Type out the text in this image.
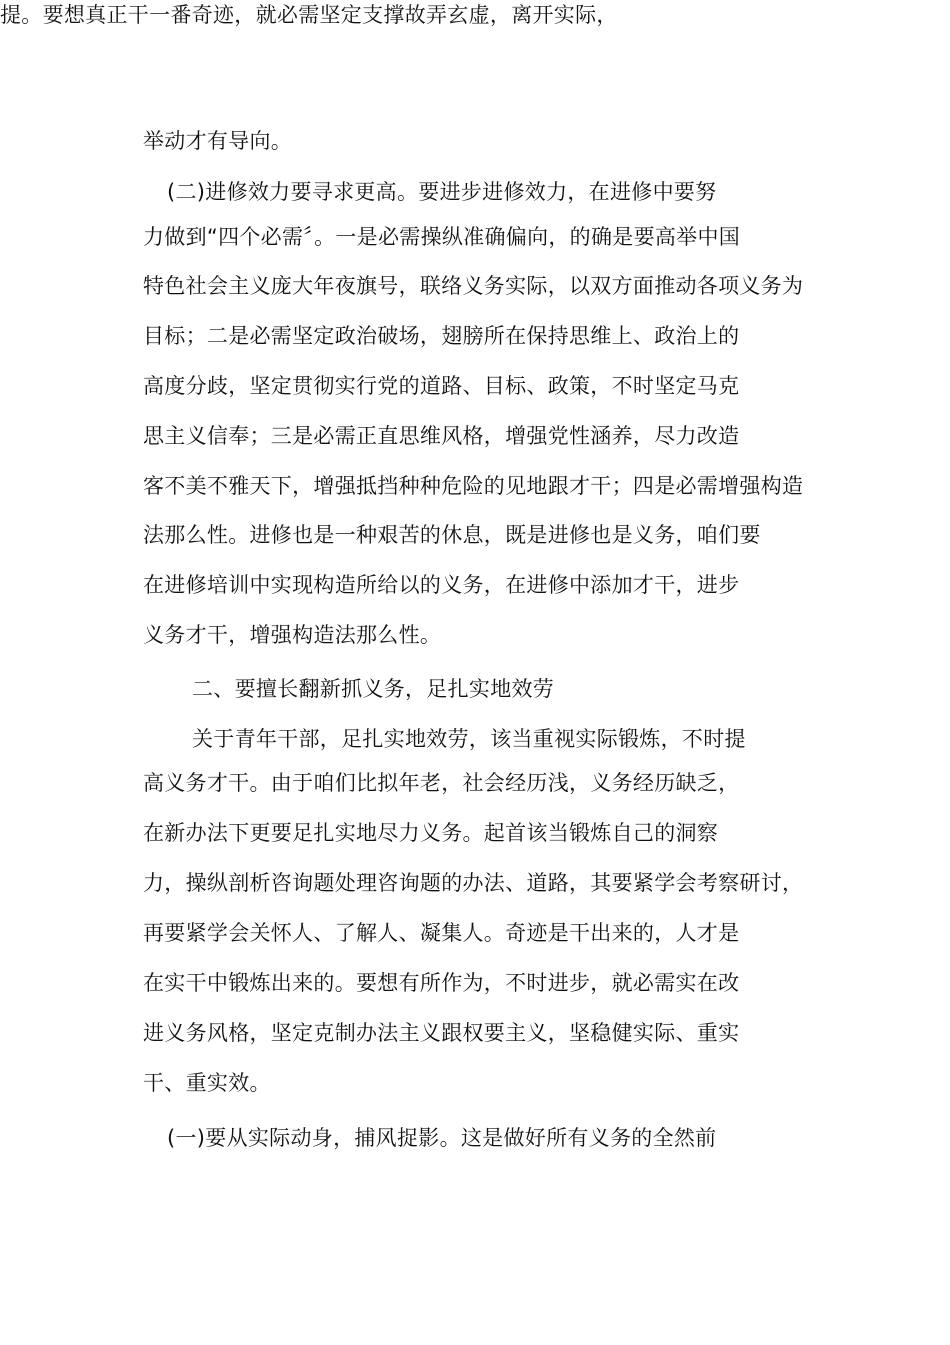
提。要想真正干一番奇迹，就必需坚定支撑故弄玄虚，离开实际，
举动才有导向。
(二)进修效力要寻求更高。要进步进修效力，在进修中要努
力做到“四个必需〞。一是必需操纵准确偏向，的确是要高举中国
特色社会主义庞大年夜旗号，联络义务实际，以双方面推动各项义务为
目标；二是必需坚定政治破场，翅膀所在保持思维上、政治上的
高度分歧，坚定贯彻实行党的道路、目标、政策，不时坚定马克
思主义信奉；三是必需正直思维风格，增强党性涵养，尽力改造
客不美不雅天下，增强抵挡种种危险的见地跟才干；四是必需增强构造
法那么性。进修也是一种艰苦的休息，既是进修也是义务，咱们要
在进修培训中实现构造所给以的义务，在进修中添加才干，进步
义务才干，增强构造法那么性。
二、要擅长翻新抓义务，足扎实地效劳
关于青年干部，足扎实地效劳，该当重视实际锻炼，不时提
高义务才干。由于咱们比拟年老，社会经历浅，义务经历缺乏，
在新办法下更要足扎实地尽力义务。起首该当锻炼自己的洞察
力，操纵剖析咨询题处理咨询题的办法、道路，其要紧学会考察研讨，
再要紧学会关怀人、了解人、凝集人。奇迹是干出来的，人才是
在实干中锻炼出来的。要想有所作为，不时进步，就必需实在改
进义务风格，坚定克制办法主义跟权要主义，坚稳健实际、重实
干、重实效。
(一)要从实际动身，捕风捉影。这是做好所有义务的全然前
